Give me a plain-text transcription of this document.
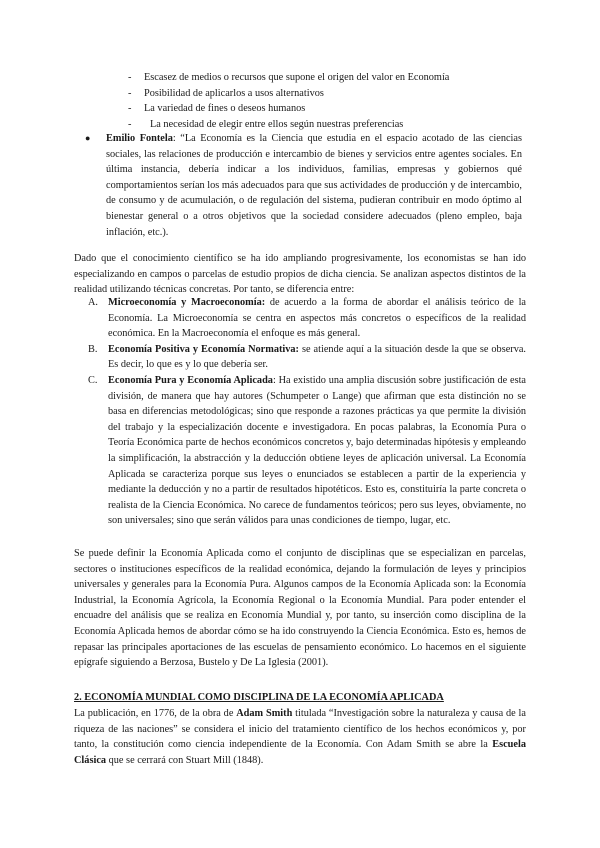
- Escasez de medios o recursos que supone el origen del valor en Economía
- Posibilidad de aplicarlos a usos alternativos
- La variedad de fines o deseos humanos
- La necesidad de elegir entre ellos según nuestras preferencias
● Emilio Fontela: “La Economía es la Ciencia que estudia en el espacio acotado de las ciencias sociales, las relaciones de producción e intercambio de bienes y servicios entre agentes sociales. En última instancia, debería indicar a los individuos, familias, empresas y gobiernos qué comportamientos serían los más adecuados para que sus actividades de producción y de intercambio, de consumo y de acumulación, o de regulación del sistema, pudieran contribuir en modo óptimo al bienestar general o a otros objetivos que la sociedad considere adecuados (pleno empleo, baja inflación, etc.).
Dado que el conocimiento científico se ha ido ampliando progresivamente, los economistas se han ido especializando en campos o parcelas de estudio propios de dicha ciencia. Se analizan aspectos distintos de la realidad utilizando técnicas concretas. Por tanto, se diferencia entre:
A. Microeconomía y Macroeconomía: de acuerdo a la forma de abordar el análisis teórico de la Economía. La Microeconomía se centra en aspectos más concretos o específicos de la realidad económica. En la Macroeconomía el enfoque es más general.
B. Economía Positiva y Economía Normativa: se atiende aquí a la situación desde la que se observa. Es decir, lo que es y lo que debería ser.
C. Economía Pura y Economía Aplicada: Ha existido una amplia discusión sobre justificación de esta división, de manera que hay autores (Schumpeter o Lange) que afirman que esta distinción no se basa en diferencias metodológicas; sino que responde a razones prácticas ya que permite la división del trabajo y la especialización docente e investigadora. En pocas palabras, la Economía Pura o Teoría Económica parte de hechos económicos concretos y, bajo determinadas hipótesis y empleando la simplificación, la abstracción y la deducción obtiene leyes de aplicación universal. La Economía Aplicada se caracteriza porque sus leyes o enunciados se establecen a partir de la experiencia y mediante la deducción y no a partir de resultados hipotéticos. Esto es, constituiría la parte concreta o realista de la Ciencia Económica. No carece de fundamentos teóricos; pero sus leyes, obviamente, no son universales; sino que serán válidos para unas condiciones de tiempo, lugar, etc.
Se puede definir la Economía Aplicada como el conjunto de disciplinas que se especializan en parcelas, sectores o instituciones específicos de la realidad económica, dejando la formulación de leyes y principios universales y generales para la Economía Pura. Algunos campos de la Economía Aplicada son: la Economía Industrial, la Economía Agrícola, la Economía Regional o la Economía Mundial. Para poder entender el encuadre del análisis que se realiza en Economía Mundial y, por tanto, su inserción como disciplina de la Economía Aplicada hemos de abordar cómo se ha ido construyendo la Ciencia Económica. Esto es, hemos de repasar las principales aportaciones de las escuelas de pensamiento económico. Lo hacemos en el siguiente epígrafe siguiendo a Berzosa, Bustelo y De La Iglesia (2001).
2. ECONOMÍA MUNDIAL COMO DISCIPLINA DE LA ECONOMÍA APLICADA
La publicación, en 1776, de la obra de Adam Smith titulada “Investigación sobre la naturaleza y causa de la riqueza de las naciones” se considera el inicio del tratamiento científico de los hechos económicos y, por tanto, la constitución como ciencia independiente de la Economía. Con Adam Smith se abre la Escuela Clásica que se cerrará con Stuart Mill (1848).
